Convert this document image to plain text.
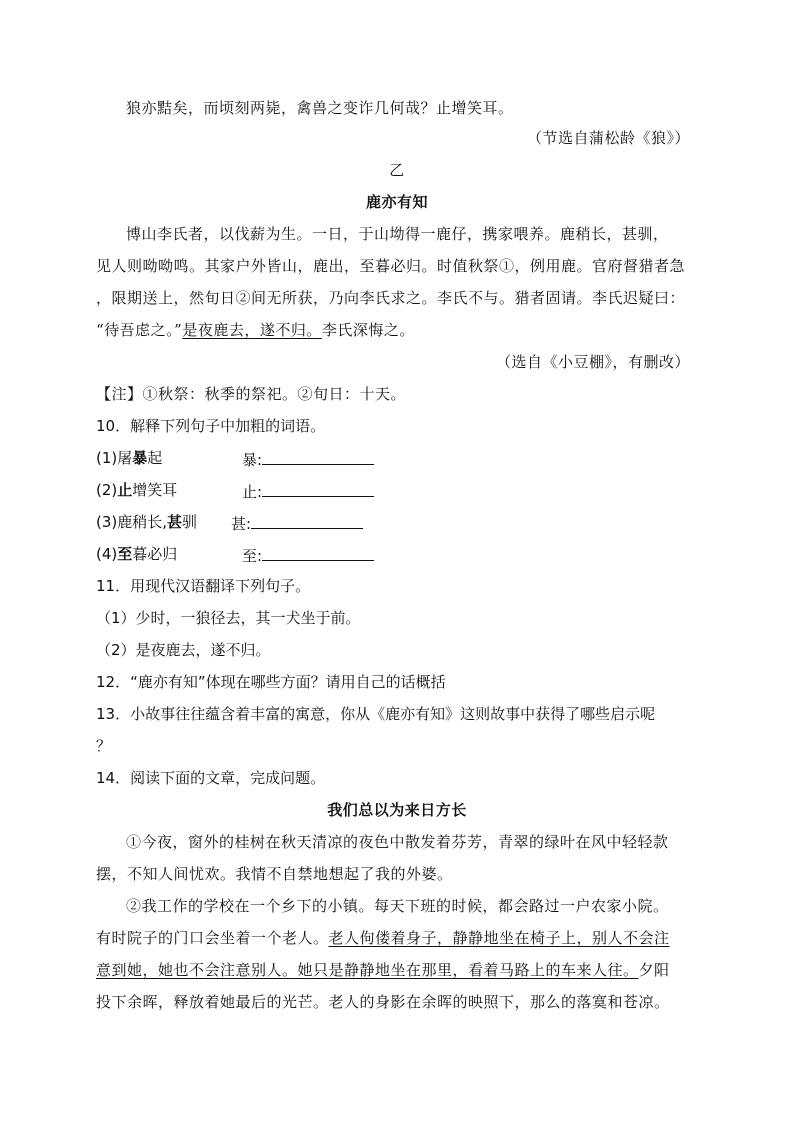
狼亦黠矣，而顷刻两毙，禽兽之变诈几何哉？止增笑耳。
（节选自蒲松龄《狼》）
乙
鹿亦有知
博山李氏者，以伐薪为生。一日，于山坳得一鹿仔，携家喂养。鹿稍长，甚驯，
见人则呦呦鸣。其家户外皆山，鹿出，至暮必归。时值秋祭①，例用鹿。官府督猎者急
，限期送上，然旬日②间无所获，乃向李氏求之。李氏不与。猎者固请。李氏迟疑曰：
“待吾虑之。”是夜鹿去，遂不归。李氏深悔之。
（选自《小豆棚》，有删改）
【注】①秋祭：秋季的祭祀。②旬日：十天。
10．解释下列句子中加粗的词语。
(1)屠暴起	暴:
(2)止增笑耳	止:
(3)鹿稍长,甚驯 甚:
(4)至暮必归	至:
11．用现代汉语翻译下列句子。
（1）少时，一狼径去，其一犬坐于前。
（2）是夜鹿去，遂不归。
12．“鹿亦有知”体现在哪些方面？请用自己的话概括
13．小故事往往蕴含着丰富的寓意，你从《鹿亦有知》这则故事中获得了哪些启示呢
？
14．阅读下面的文章，完成问题。
我们总以为来日方长
①今夜，窗外的桂树在秋天清凉的夜色中散发着芬芳，青翠的绿叶在风中轻轻款
摆，不知人间忧欢。我情不自禁地想起了我的外婆。
②我工作的学校在一个乡下的小镇。每天下班的时候，都会路过一户农家小院。
有时院子的门口会坐着一个老人。老人佝偻着身子，静静地坐在椅子上，别人不会注
意到她，她也不会注意别人。她只是静静地坐在那里，看着马路上的车来人往。夕阳
投下余晖，释放着她最后的光芒。老人的身影在余晖的映照下，那么的落寞和苍凉。
